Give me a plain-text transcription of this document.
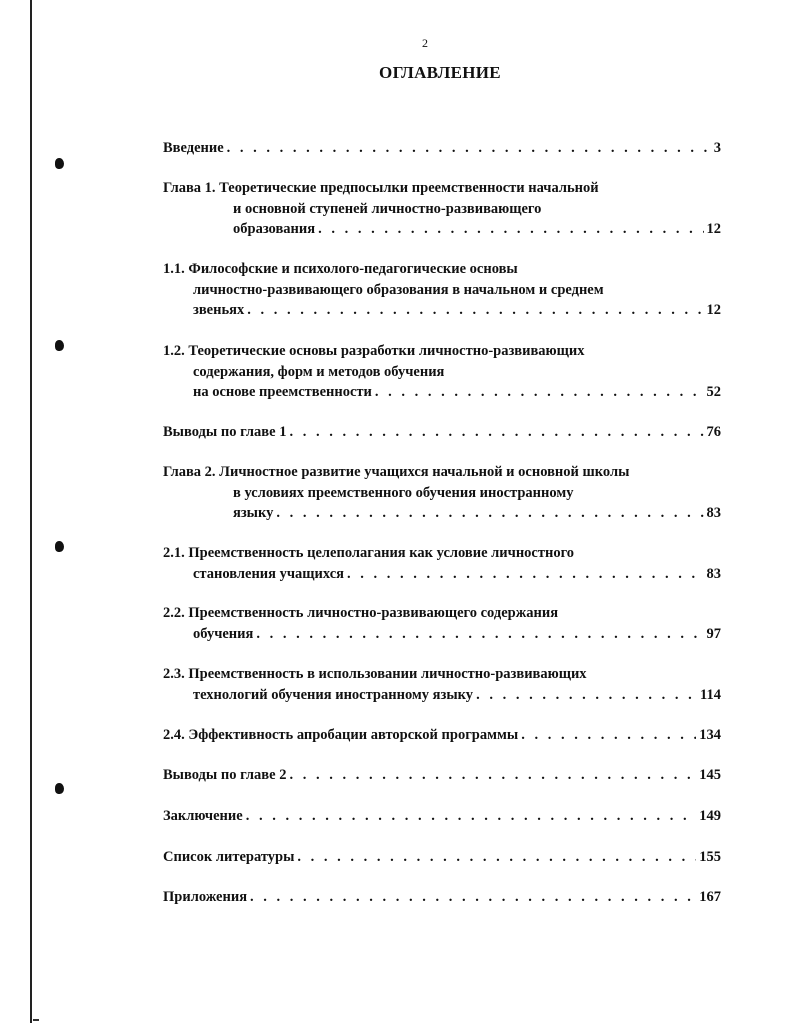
2
ОГЛАВЛЕНИЕ
Введение . . .	3
Глава 1. Теоретические предпосылки преемственности начальной
и основной ступеней личностно-развивающего
образования . . .	12
1.1. Философские и психолого-педагогические основы
личностно-развивающего образования в начальном и среднем
звеньях . . .	12
1.2. Теоретические основы разработки личностно-развивающих
содержания, форм и методов обучения
на основе преемственности . . .	52
Выводы по главе 1 . . .	76
Глава 2. Личностное развитие учащихся начальной и основной школы
в условиях преемственного обучения иностранному
языку . . .	83
2.1. Преемственность целеполагания как условие личностного
становления учащихся . . .	83
2.2. Преемственность личностно-развивающего содержания
обучения . . .	97
2.3. Преемственность в использовании личностно-развивающих
технологий обучения иностранному языку . . .	114
2.4. Эффективность апробации авторской программы . . .	134
Выводы по главе 2 . . .	145
Заключение . . .	149
Список литературы . . .	155
Приложения . . .	167
